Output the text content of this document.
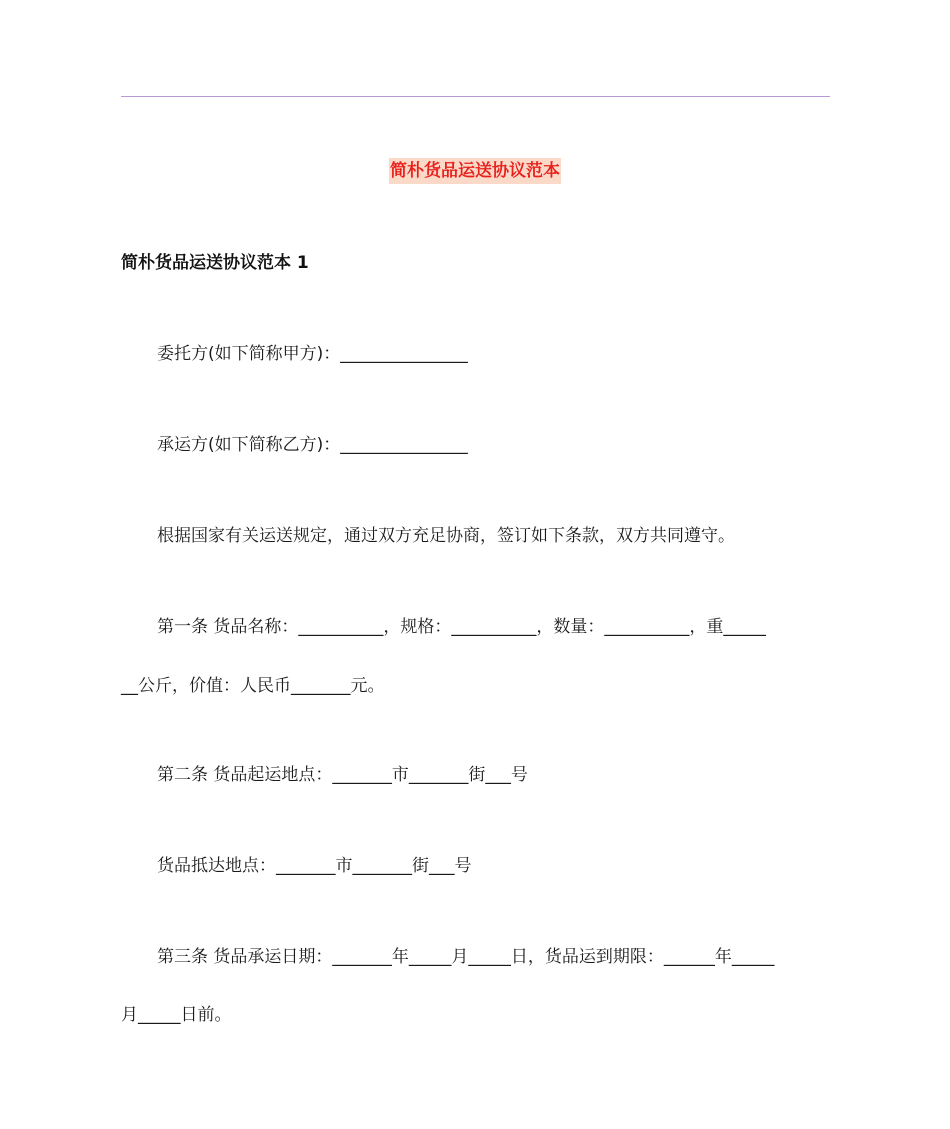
简朴货品运送协议范本
简朴货品运送协议范本 1
委托方(如下简称甲方)：_______________
承运方(如下简称乙方)：_______________
根据国家有关运送规定，通过双方充足协商，签订如下条款，双方共同遵守。
第一条 货品名称：__________，规格：__________，数量：__________，重_____
__公斤，价值：人民币_______元。
第二条 货品起运地点：_______市_______街___号
货品抵达地点：_______市_______街___号
第三条 货品承运日期：_______年_____月_____日，货品运到期限：______年_____
月_____日前。
